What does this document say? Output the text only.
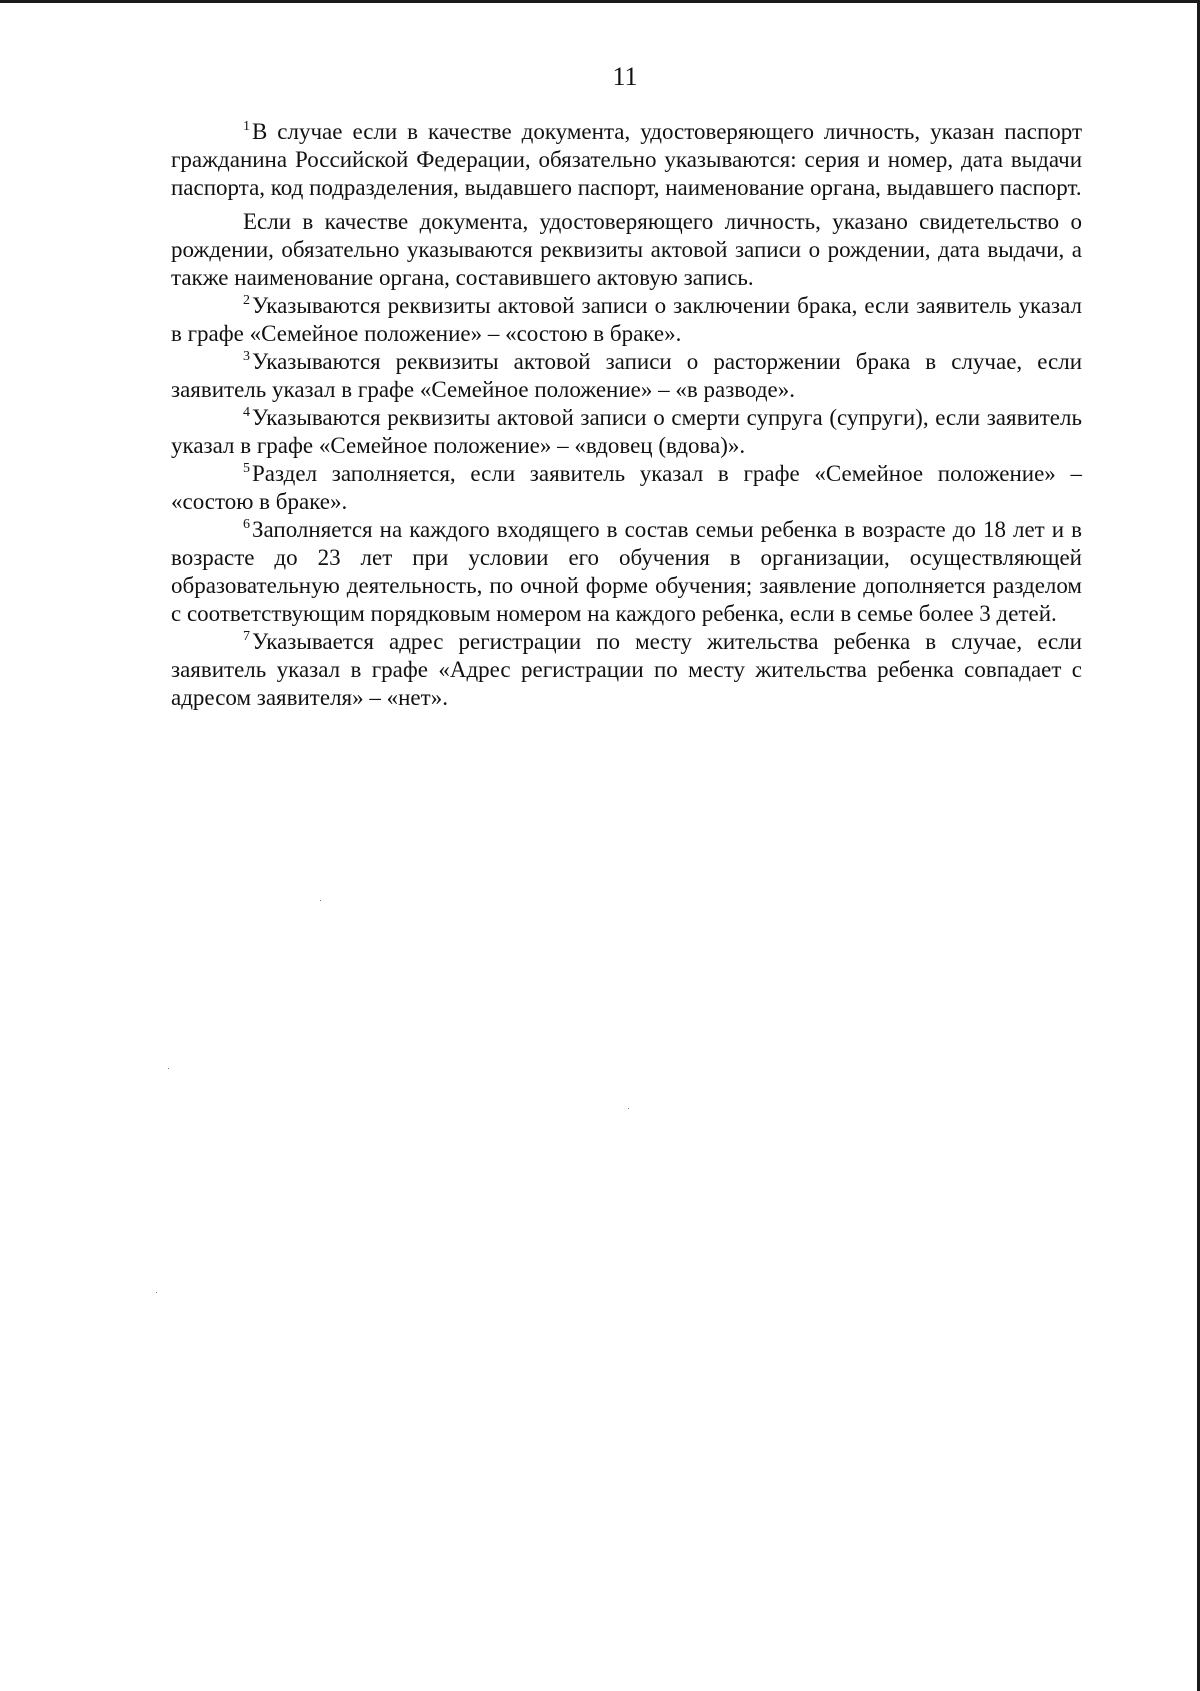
11

$^1$В случае если в качестве документа, удостоверяющего личность, указан паспорт гражданина Российской Федерации, обязательно указываются: серия и номер, дата выдачи паспорта, код подразделения, выдавшего паспорт, наименование органа, выдавшего паспорт.

Если в качестве документа, удостоверяющего личность, указано свидетельство о рождении, обязательно указываются реквизиты актовой записи о рождении, дата выдачи, а также наименование органа, составившего актовую запись.

$^2$Указываются реквизиты актовой записи о заключении брака, если заявитель указал в графе «Семейное положение» – «состою в браке».

$^3$Указываются реквизиты актовой записи о расторжении брака в случае, если заявитель указал в графе «Семейное положение» – «в разводе».

$^4$Указываются реквизиты актовой записи о смерти супруга (супруги), если заявитель указал в графе «Семейное положение» – «вдовец (вдова)».

$^5$Раздел заполняется, если заявитель указал в графе «Семейное положение» – «состою в браке».

$^6$Заполняется на каждого входящего в состав семьи ребенка в возрасте до 18 лет и в возрасте до 23 лет при условии его обучения в организации, осуществляющей образовательную деятельность, по очной форме обучения; заявление дополняется разделом с соответствующим порядковым номером на каждого ребенка, если в семье более 3 детей.

$^7$Указывается адрес регистрации по месту жительства ребенка в случае, если заявитель указал в графе «Адрес регистрации по месту жительства ребенка совпадает с адресом заявителя» – «нет».
